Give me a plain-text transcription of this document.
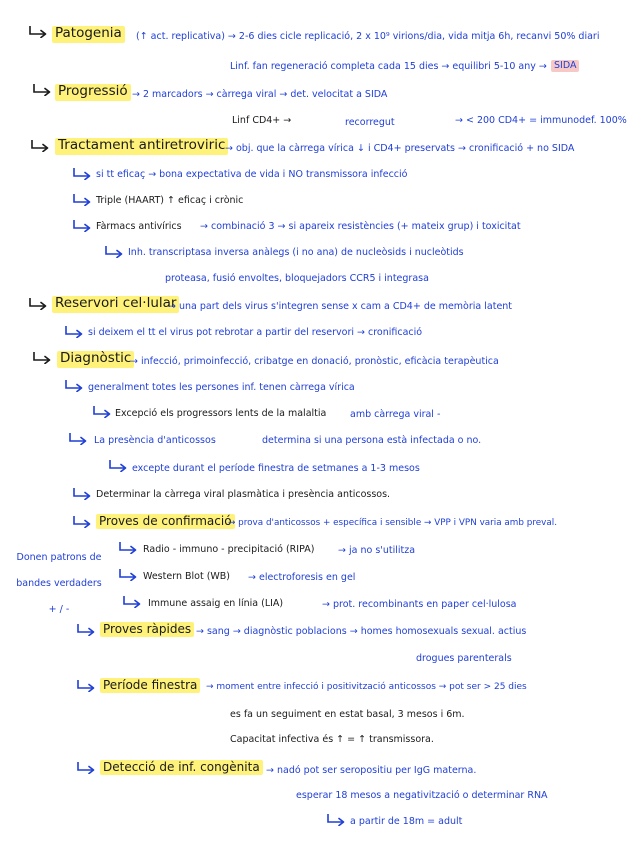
Patogenia	(↑ act. replicativa) → 2-6 dies cicle replicació, 2 x 10⁹ virions/dia, vida mitja 6h, recanvi 50% diari
Linf. fan regeneració completa cada 15 dies → equilibri 5-10 any → SIDA
Progressió → 2 marcadors → càrrega viral → det. velocitat a SIDA
Linf CD4+ →	recorregut	→ < 200 CD4+ = immunodef. 100%
Tractament antiretroviric → obj. que la càrrega vírica ↓ i CD4+ preservats → cronificació + no SIDA
si tt eficaç → bona expectativa de vida i NO transmissora infecció
Triple (HAART) ↑ eficaç i crònic
Fàrmacs antivírics → combinació 3 → si apareix resistències (+ mateix grup) i toxicitat
Inh. transcriptasa inversa anàlegs (i no ana) de nucleòsids i nucleòtids
proteasa, fusió envoltes, bloquejadors CCR5 i integrasa
Reservori cel·lular
→ una part dels virus s'integren sense x cam a CD4+ de memòria latent
si deixem el tt el virus pot rebrotar a partir del reservori → cronificació
Diagnòstic
→ infecció, primoinfecció, cribatge en donació, pronòstic, eficàcia terapèutica
generalment totes les persones inf. tenen càrrega vírica
Excepció els progressors lents de la malaltia amb càrrega viral -
La presència d'anticossos	determina si una persona està infectada o no.
excepte durant el període finestra de setmanes a 1-3 mesos
Determinar la càrrega viral plasmàtica i presència anticossos.
Proves de confirmació
→ prova d'anticossos + específica i sensible → VPP i VPN varia amb preval.
Donen patrons de bandes verdaders + / -
Radio - immuno - precipitació (RIPA) → ja no s'utilitza
Western Blot (WB) → electroforesis en gel
Immune assaig en línia (LIA)	→ prot. recombinants en paper cel·lulosa
Proves ràpides → sang → diagnòstic poblacions → homes homosexuals sexual. actius
drogues parenterals
Període finestra → moment entre infecció i positivització anticossos → pot ser > 25 dies
es fa un seguiment en estat basal, 3 mesos i 6m.
Capacitat infectiva és ↑ = ↑ transmissora.
Detecció de inf. congènita → nadó pot ser seropositiu per IgG materna.
esperar 18 mesos a negativització o determinar RNA
a partir de 18m = adult
